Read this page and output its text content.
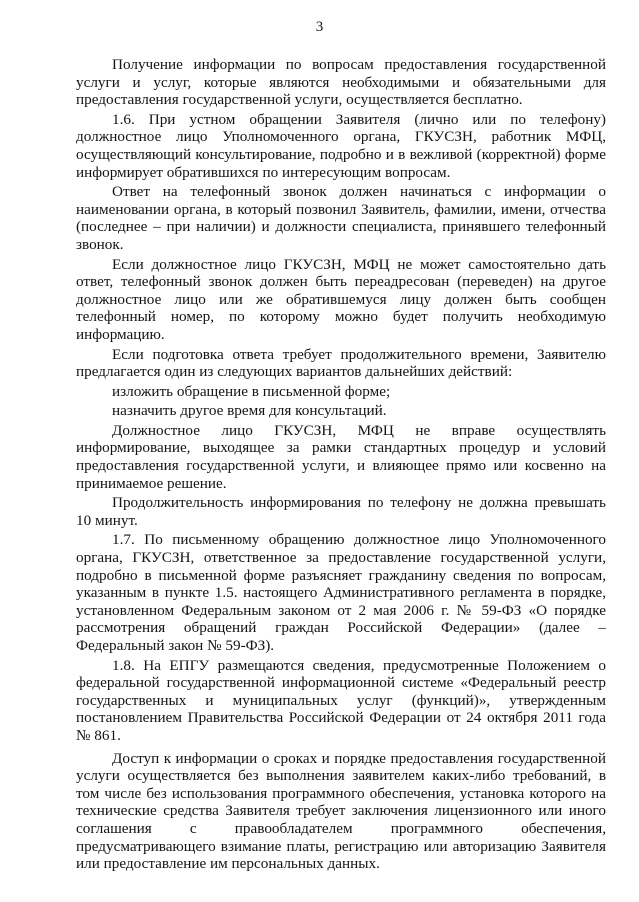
3

Получение информации по вопросам предоставления государственной услуги и услуг, которые являются необходимыми и обязательными для предоставления государственной услуги, осуществляется бесплатно.

1.6. При устном обращении Заявителя (лично или по телефону) должностное лицо Уполномоченного органа, ГКУСЗН, работник МФЦ, осуществляющий консультирование, подробно и в вежливой (корректной) форме информирует обратившихся по интересующим вопросам.

Ответ на телефонный звонок должен начинаться с информации о наименовании органа, в который позвонил Заявитель, фамилии, имени, отчества (последнее – при наличии) и должности специалиста, принявшего телефонный звонок.

Если должностное лицо ГКУСЗН, МФЦ не может самостоятельно дать ответ, телефонный звонок должен быть переадресован (переведен) на другое должностное лицо или же обратившемуся лицу должен быть сообщен телефонный номер, по которому можно будет получить необходимую информацию.

Если подготовка ответа требует продолжительного времени, Заявителю предлагается один из следующих вариантов дальнейших действий:

изложить обращение в письменной форме;

назначить другое время для консультаций.

Должностное лицо ГКУСЗН, МФЦ не вправе осуществлять информирование, выходящее за рамки стандартных процедур и условий предоставления государственной услуги, и влияющее прямо или косвенно на принимаемое решение.

Продолжительность информирования по телефону не должна превышать 10 минут.

1.7. По письменному обращению должностное лицо Уполномоченного органа, ГКУСЗН, ответственное за предоставление государственной услуги, подробно в письменной форме разъясняет гражданину сведения по вопросам, указанным в пункте 1.5. настоящего Административного регламента в порядке, установленном Федеральным законом от 2 мая 2006 г. № 59-ФЗ «О порядке рассмотрения обращений граждан Российской Федерации» (далее – Федеральный закон № 59-ФЗ).

1.8. На ЕПГУ размещаются сведения, предусмотренные Положением о федеральной государственной информационной системе «Федеральный реестр государственных и муниципальных услуг (функций)», утвержденным постановлением Правительства Российской Федерации от 24 октября 2011 года № 861.

Доступ к информации о сроках и порядке предоставления государственной услуги осуществляется без выполнения заявителем каких-либо требований, в том числе без использования программного обеспечения, установка которого на технические средства Заявителя требует заключения лицензионного или иного соглашения с правообладателем программного обеспечения, предусматривающего взимание платы, регистрацию или авторизацию Заявителя или предоставление им персональных данных.
